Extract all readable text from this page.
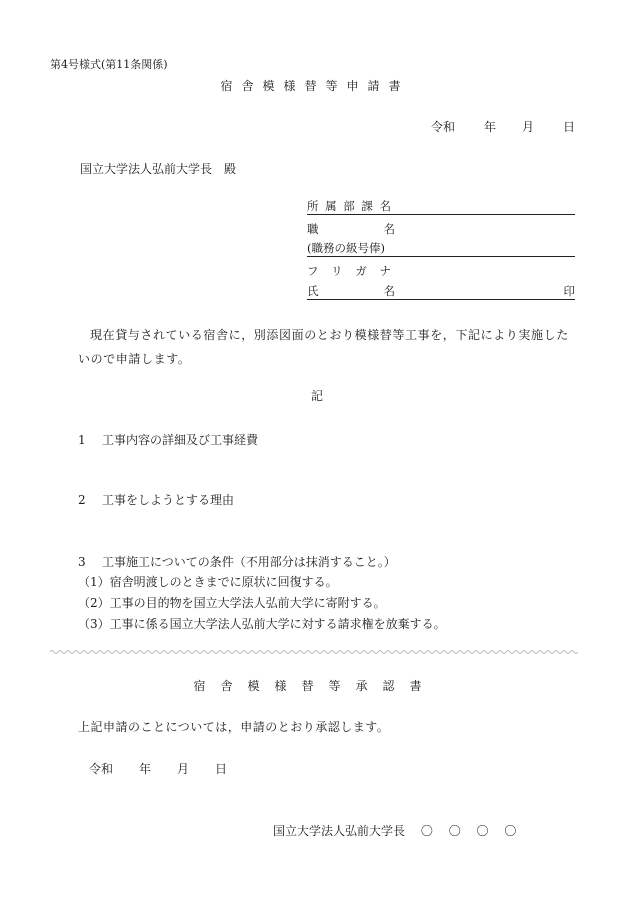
第4号様式(第11条関係)
宿舎模様替等申請書
令和	年	月	日
国立大学法人弘前大学長　殿
所 属 部 課 名
職	名
(職務の級号俸)
フ リ ガ ナ
氏	名	印
現在貸与されている宿舎に，別添図面のとおり模様替等工事を，下記により実施したいので申請します。
記
1 工事内容の詳細及び工事経費
2 工事をしようとする理由
3 工事施工についての条件（不用部分は抹消すること。）
（1）宿舎明渡しのときまでに原状に回復する。
（2）工事の目的物を国立大学法人弘前大学に寄附する。
（3）工事に係る国立大学法人弘前大学に対する請求権を放棄する。
宿舎模様替等承認書
上記申請のことについては，申請のとおり承認します。
令和	年	月	日
国立大学法人弘前大学長 〇 〇 〇 〇
